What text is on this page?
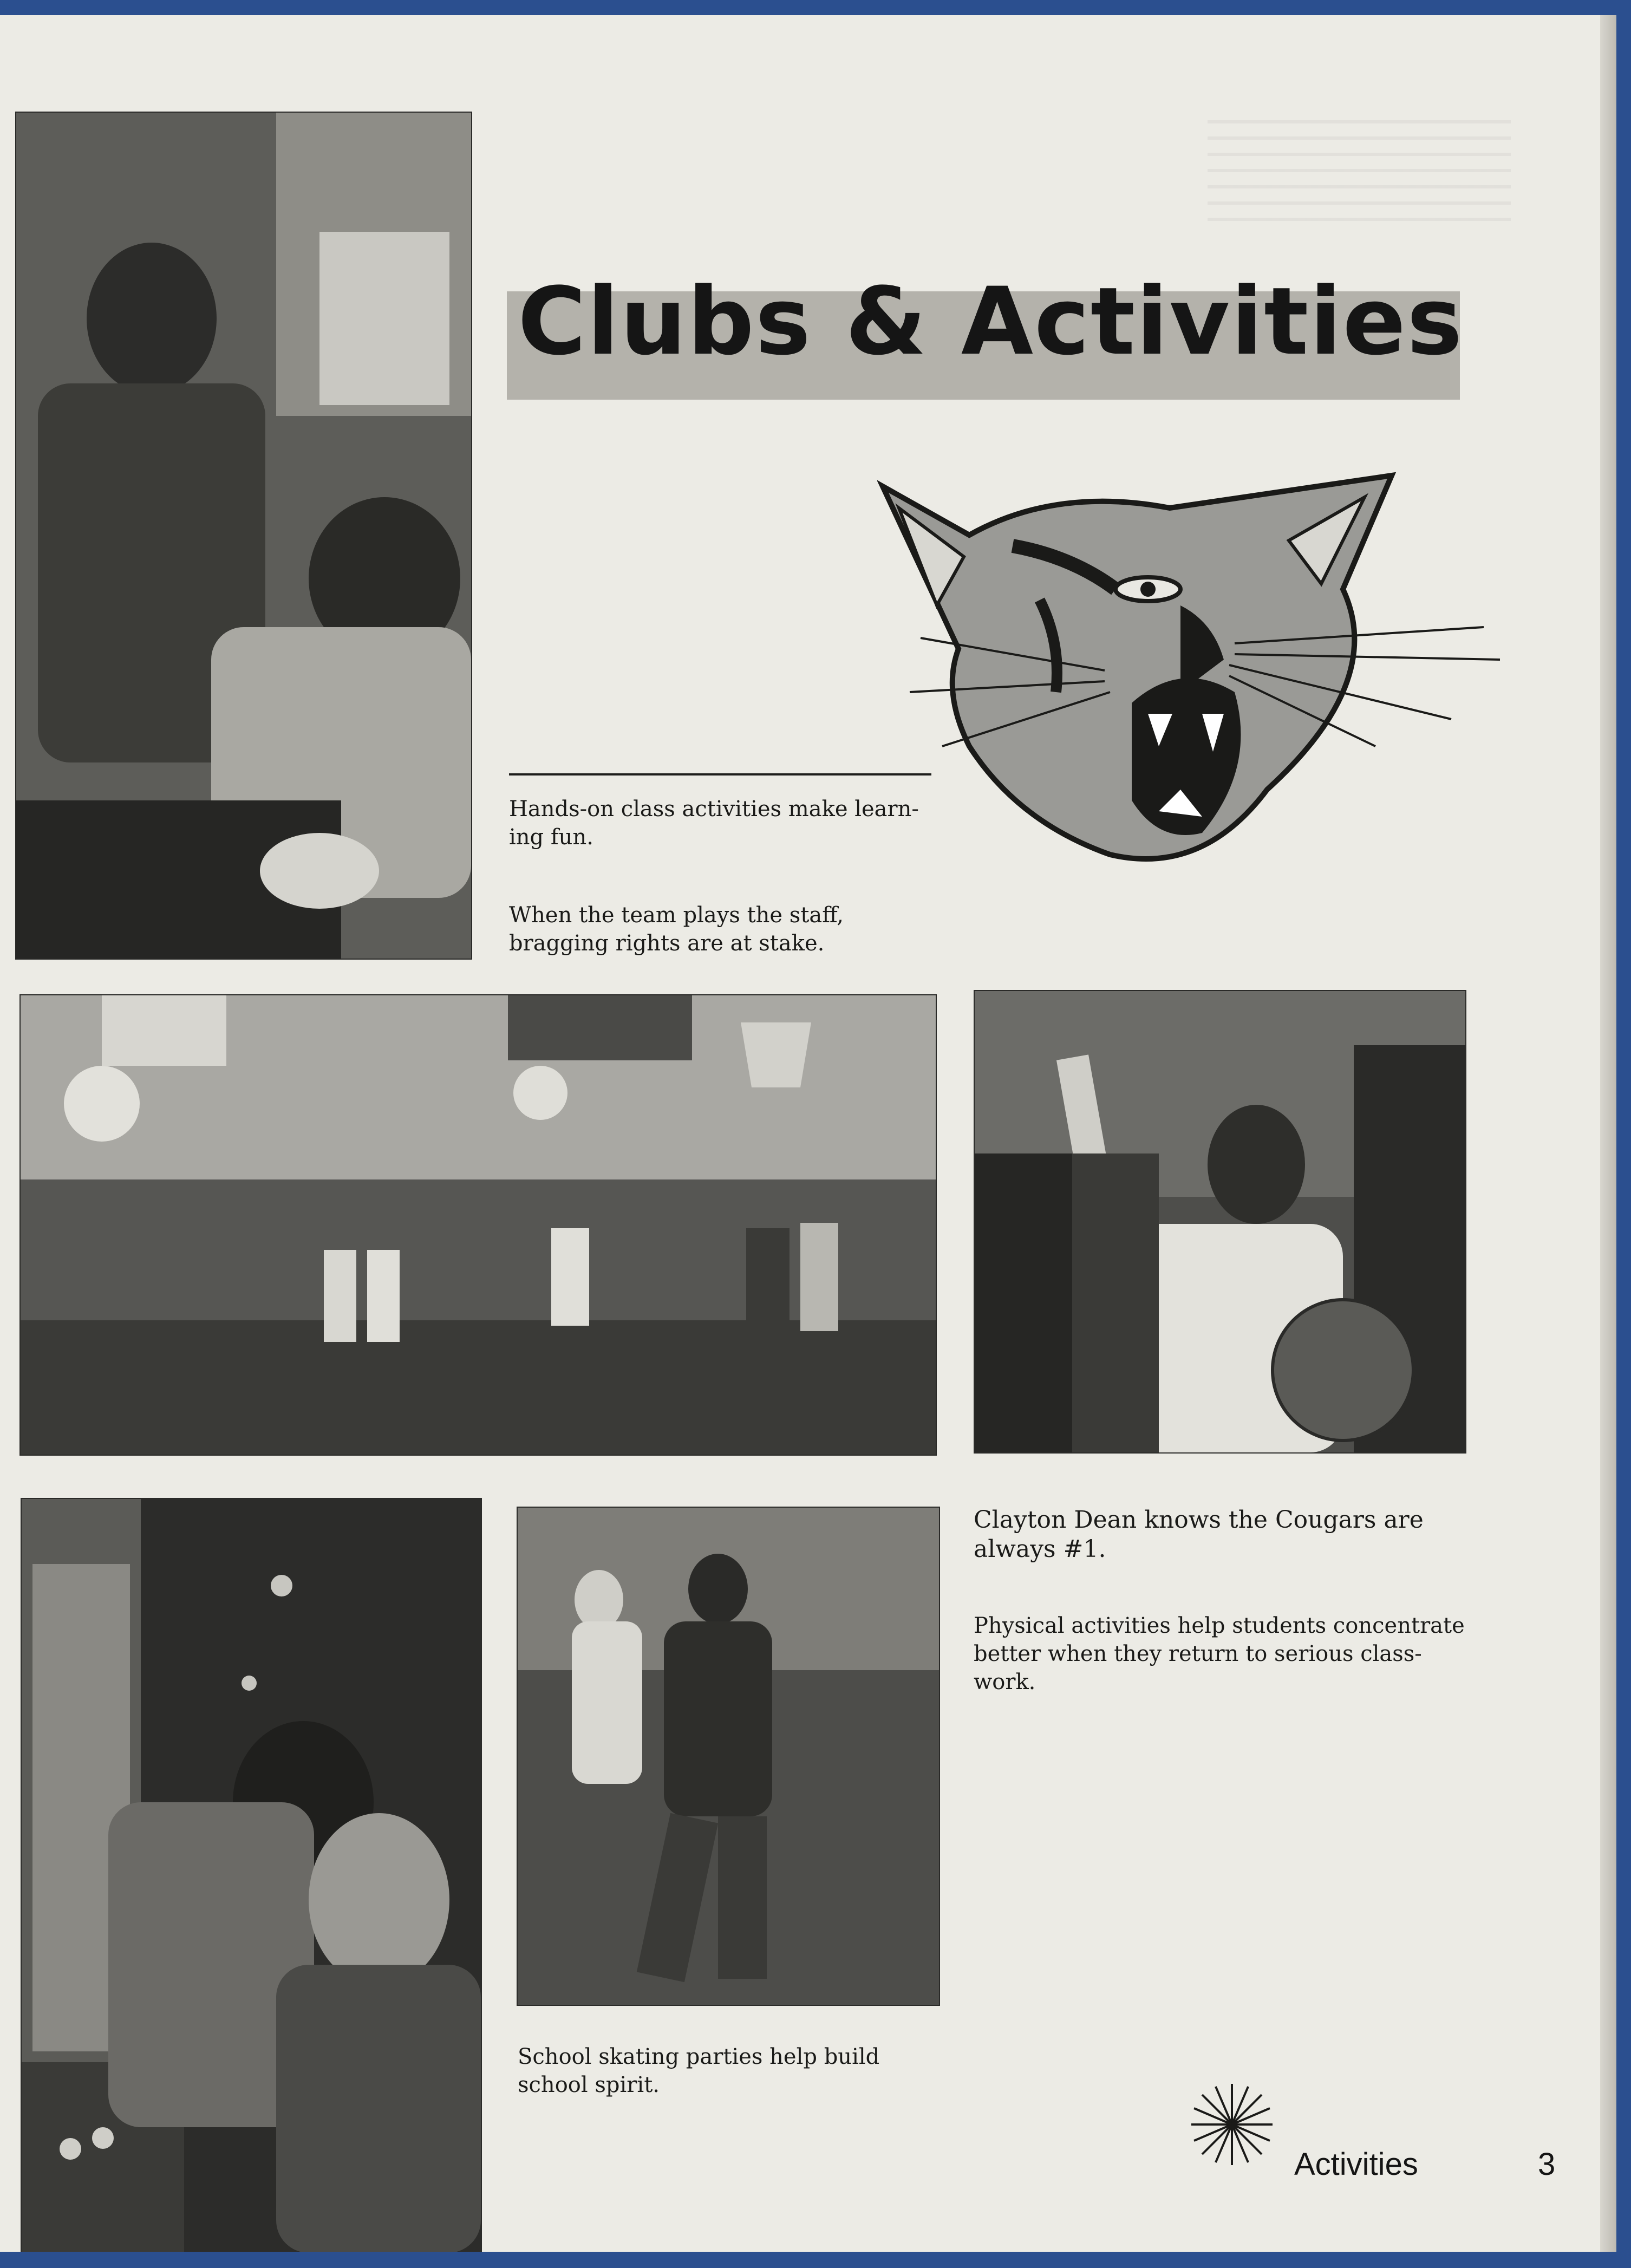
Clubs & Activities

Hands-on class activities make learn-ing fun.

When the team plays the staff, bragging rights are at stake.

Clayton Dean knows the Cougars are always #1.

Physical activities help students concentrate better when they return to serious class-work.

School skating parties help build school spirit.

Activities	3
